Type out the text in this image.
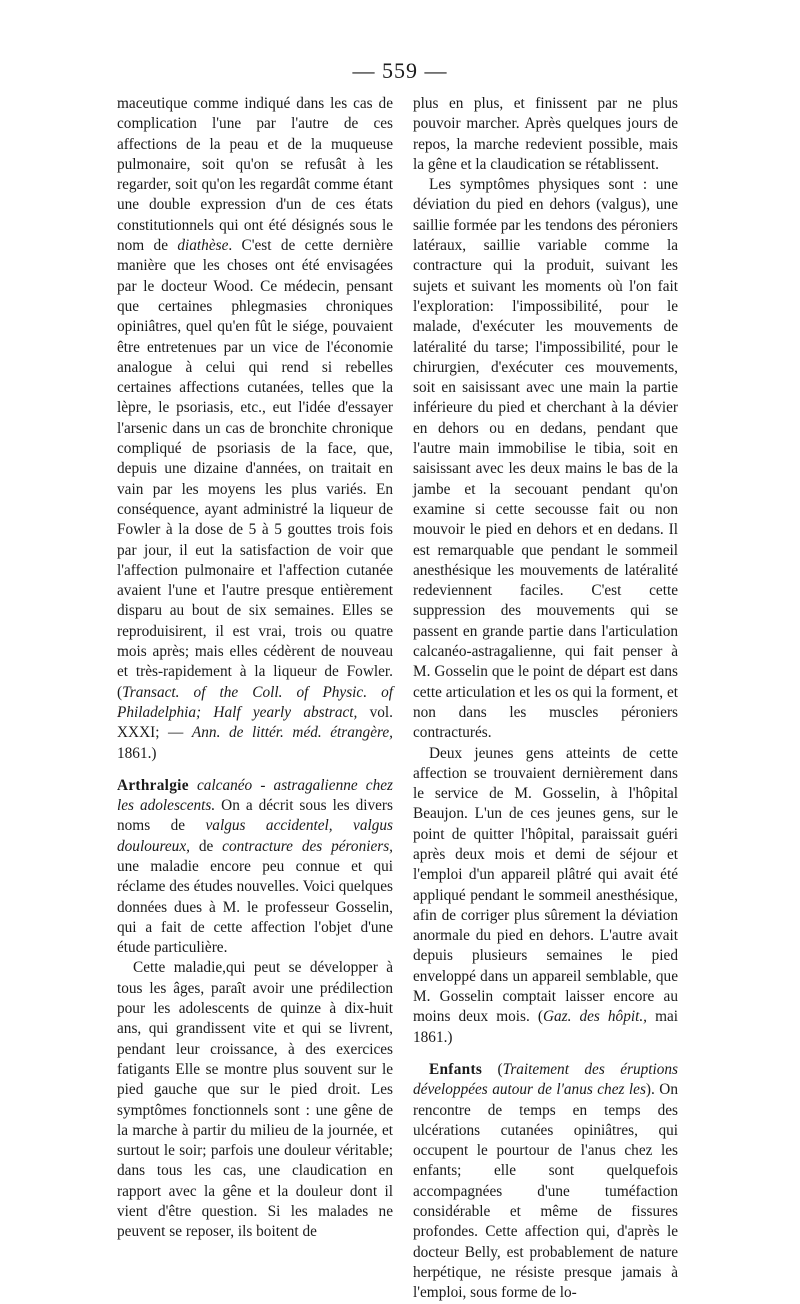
— 559 —

maceutique comme indiqué dans les cas de complication l'une par l'autre de ces affections de la peau et de la muqueuse pulmonaire, soit qu'on se refusât à les regarder, soit qu'on les regardât comme étant une double expression d'un de ces états constitutionnels qui ont été désignés sous le nom de diathèse. C'est de cette dernière manière que les choses ont été envisagées par le docteur Wood. Ce médecin, pensant que certaines phlegmasies chroniques opiniâtres, quel qu'en fût le siége, pouvaient être entretenues par un vice de l'économie analogue à celui qui rend si rebelles certaines affections cutanées, telles que la lèpre, le psoriasis, etc., eut l'idée d'essayer l'arsenic dans un cas de bronchite chronique compliqué de psoriasis de la face, que, depuis une dizaine d'années, on traitait en vain par les moyens les plus variés. En conséquence, ayant administré la liqueur de Fowler à la dose de 5 à 5 gouttes trois fois par jour, il eut la satisfaction de voir que l'affection pulmonaire et l'affection cutanée avaient l'une et l'autre presque entièrement disparu au bout de six semaines. Elles se reproduisirent, il est vrai, trois ou quatre mois après; mais elles cédèrent de nouveau et très-rapidement à la liqueur de Fowler. (Transact. of the Coll. of Physic. of Philadelphia; Half yearly abstract, vol. XXXI; — Ann. de littér. méd. étrangère, 1861.)

Arthralgie calcanéo - astragalienne chez les adolescents. On a décrit sous les divers noms de valgus accidentel, valgus douloureux, de contracture des péroniers, une maladie encore peu connue et qui réclame des études nouvelles. Voici quelques données dues à M. le professeur Gosselin, qui a fait de cette affection l'objet d'une étude particulière.

Cette maladie,qui peut se développer à tous les âges, paraît avoir une prédilection pour les adolescents de quinze à dix-huit ans, qui grandissent vite et qui se livrent, pendant leur croissance, à des exercices fatigants Elle se montre plus souvent sur le pied gauche que sur le pied droit. Les symptômes fonctionnels sont : une gêne de la marche à partir du milieu de la journée, et surtout le soir; parfois une douleur véritable; dans tous les cas, une claudication en rapport avec la gêne et la douleur dont il vient d'être question. Si les malades ne peuvent se reposer, ils boitent de

plus en plus, et finissent par ne plus pouvoir marcher. Après quelques jours de repos, la marche redevient possible, mais la gêne et la claudication se rétablissent.

Les symptômes physiques sont : une déviation du pied en dehors (valgus), une saillie formée par les tendons des péroniers latéraux, saillie variable comme la contracture qui la produit, suivant les sujets et suivant les moments où l'on fait l'exploration: l'impossibilité, pour le malade, d'exécuter les mouvements de latéralité du tarse; l'impossibilité, pour le chirurgien, d'exécuter ces mouvements, soit en saisissant avec une main la partie inférieure du pied et cherchant à la dévier en dehors ou en dedans, pendant que l'autre main immobilise le tibia, soit en saisissant avec les deux mains le bas de la jambe et la secouant pendant qu'on examine si cette secousse fait ou non mouvoir le pied en dehors et en dedans. Il est remarquable que pendant le sommeil anesthésique les mouvements de latéralité redeviennent faciles. C'est cette suppression des mouvements qui se passent en grande partie dans l'articulation calcanéo-astragalienne, qui fait penser à M. Gosselin que le point de départ est dans cette articulation et les os qui la forment, et non dans les muscles péroniers contracturés.

Deux jeunes gens atteints de cette affection se trouvaient dernièrement dans le service de M. Gosselin, à l'hôpital Beaujon. L'un de ces jeunes gens, sur le point de quitter l'hôpital, paraissait guéri après deux mois et demi de séjour et l'emploi d'un appareil plâtré qui avait été appliqué pendant le sommeil anesthésique, afin de corriger plus sûrement la déviation anormale du pied en dehors. L'autre avait depuis plusieurs semaines le pied enveloppé dans un appareil semblable, que M. Gosselin comptait laisser encore au moins deux mois. (Gaz. des hôpit., mai 1861.)

Enfants (Traitement des éruptions développées autour de l'anus chez les). On rencontre de temps en temps des ulcérations cutanées opiniâtres, qui occupent le pourtour de l'anus chez les enfants; elle sont quelquefois accompagnées d'une tuméfaction considérable et même de fissures profondes. Cette affection qui, d'après le docteur Belly, est probablement de nature herpétique, ne résiste presque jamais à l'emploi, sous forme de lo-
